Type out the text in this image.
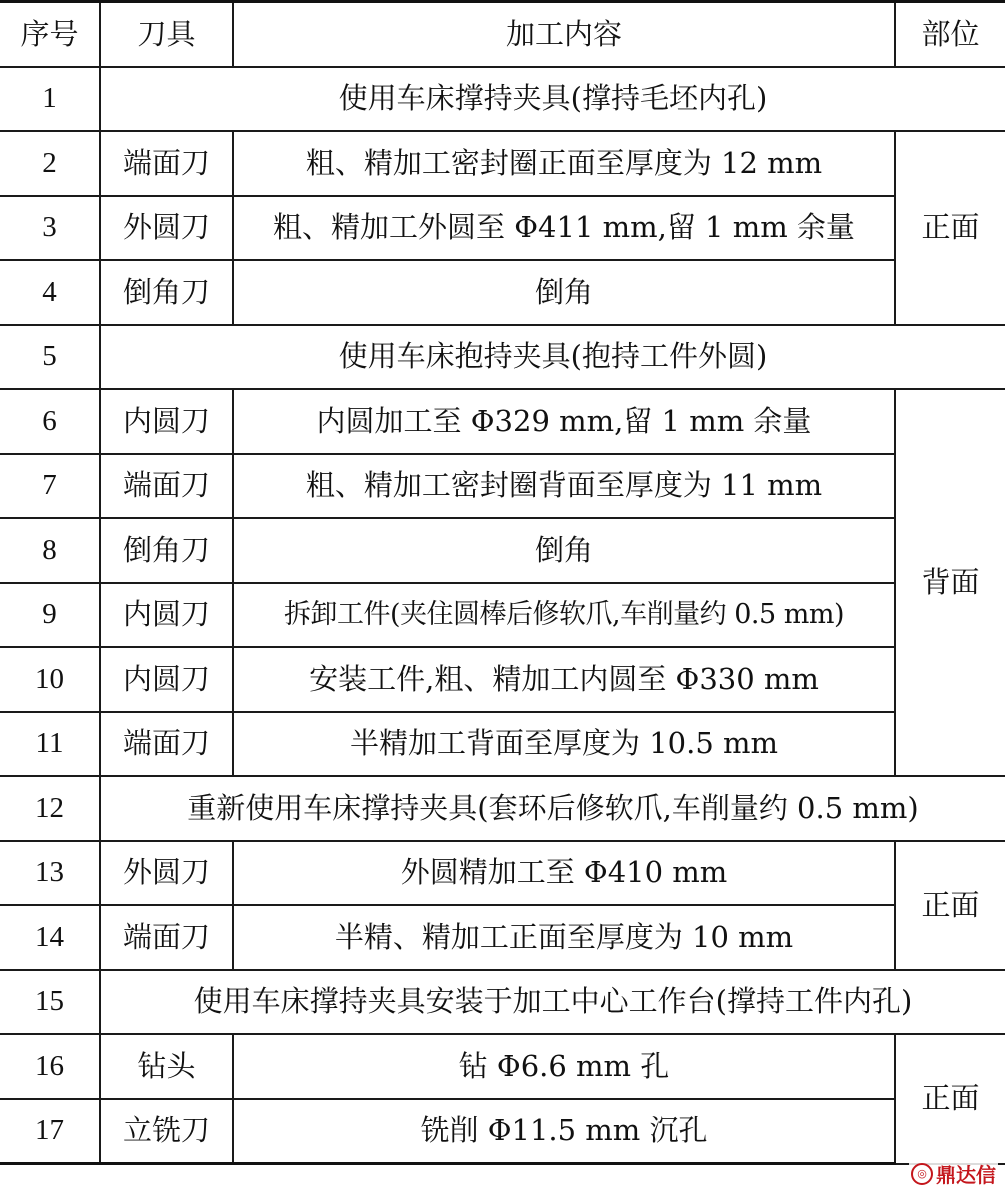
序号	刀具	加工内容	部位
1	使用车床撑持夹具(撑持毛坯内孔)		
2	端面刀	粗、精加工密封圈正面至厚度为 12 mm	正面
3	外圆刀	粗、精加工外圆至 Φ411 mm,留 1 mm 余量	
4	倒角刀	倒角	
5	使用车床抱持夹具(抱持工件外圆)		
6	内圆刀	内圆加工至 Φ329 mm,留 1 mm 余量	背面
7	端面刀	粗、精加工密封圈背面至厚度为 11 mm	
8	倒角刀	倒角	
9	内圆刀	拆卸工件(夹住圆棒后修软爪,车削量约 0.5 mm)	
10	内圆刀	安装工件,粗、精加工内圆至 Φ330 mm	
11	端面刀	半精加工背面至厚度为 10.5 mm	
12	重新使用车床撑持夹具(套环后修软爪,车削量约 0.5 mm)		
13	外圆刀	外圆精加工至 Φ410 mm	正面
14	端面刀	半精、精加工正面至厚度为 10 mm	
15	使用车床撑持夹具安装于加工中心工作台(撑持工件内孔)		
16	钻头	钻 Φ6.6 mm 孔	正面
17	立铣刀	铣削 Φ11.5 mm 沉孔	
◎ 鼎达信
